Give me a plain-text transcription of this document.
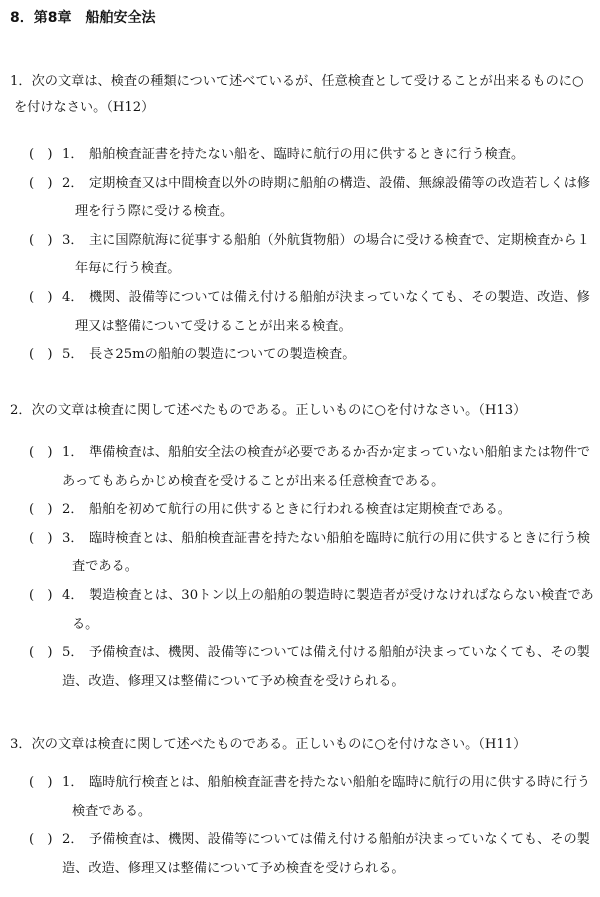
8．第8章　船舶安全法
1．次の文章は、検査の種類について述べているが、任意検査として受けることが出来るものに○
を付けなさい。（H12）
(　) 1． 船舶検査証書を持たない船を、臨時に航行の用に供するときに行う検査。
(　) 2． 定期検査又は中間検査以外の時期に船舶の構造、設備、無線設備等の改造若しくは修
理を行う際に受ける検査。
(　) 3． 主に国際航海に従事する船舶（外航貨物船）の場合に受ける検査で、定期検査から１
年毎に行う検査。
(　) 4． 機関、設備等については備え付ける船舶が決まっていなくても、その製造、改造、修
理又は整備について受けることが出来る検査。
(　) 5． 長さ25mの船舶の製造についての製造検査。
2．次の文章は検査に関して述べたものである。正しいものに○を付けなさい。（H13）
(　) 1． 準備検査は、船舶安全法の検査が必要であるか否か定まっていない船舶または物件で
あってもあらかじめ検査を受けることが出来る任意検査である。
(　) 2． 船舶を初めて航行の用に供するときに行われる検査は定期検査である。
(　) 3． 臨時検査とは、船舶検査証書を持たない船舶を臨時に航行の用に供するときに行う検
査である。
(　) 4． 製造検査とは、30トン以上の船舶の製造時に製造者が受けなければならない検査であ
る。
(　) 5． 予備検査は、機関、設備等については備え付ける船舶が決まっていなくても、その製
造、改造、修理又は整備について予め検査を受けられる。
3．次の文章は検査に関して述べたものである。正しいものに○を付けなさい。（H11）
(　) 1． 臨時航行検査とは、船舶検査証書を持たない船舶を臨時に航行の用に供する時に行う
検査である。
(　) 2． 予備検査は、機関、設備等については備え付ける船舶が決まっていなくても、その製
造、改造、修理又は整備について予め検査を受けられる。
